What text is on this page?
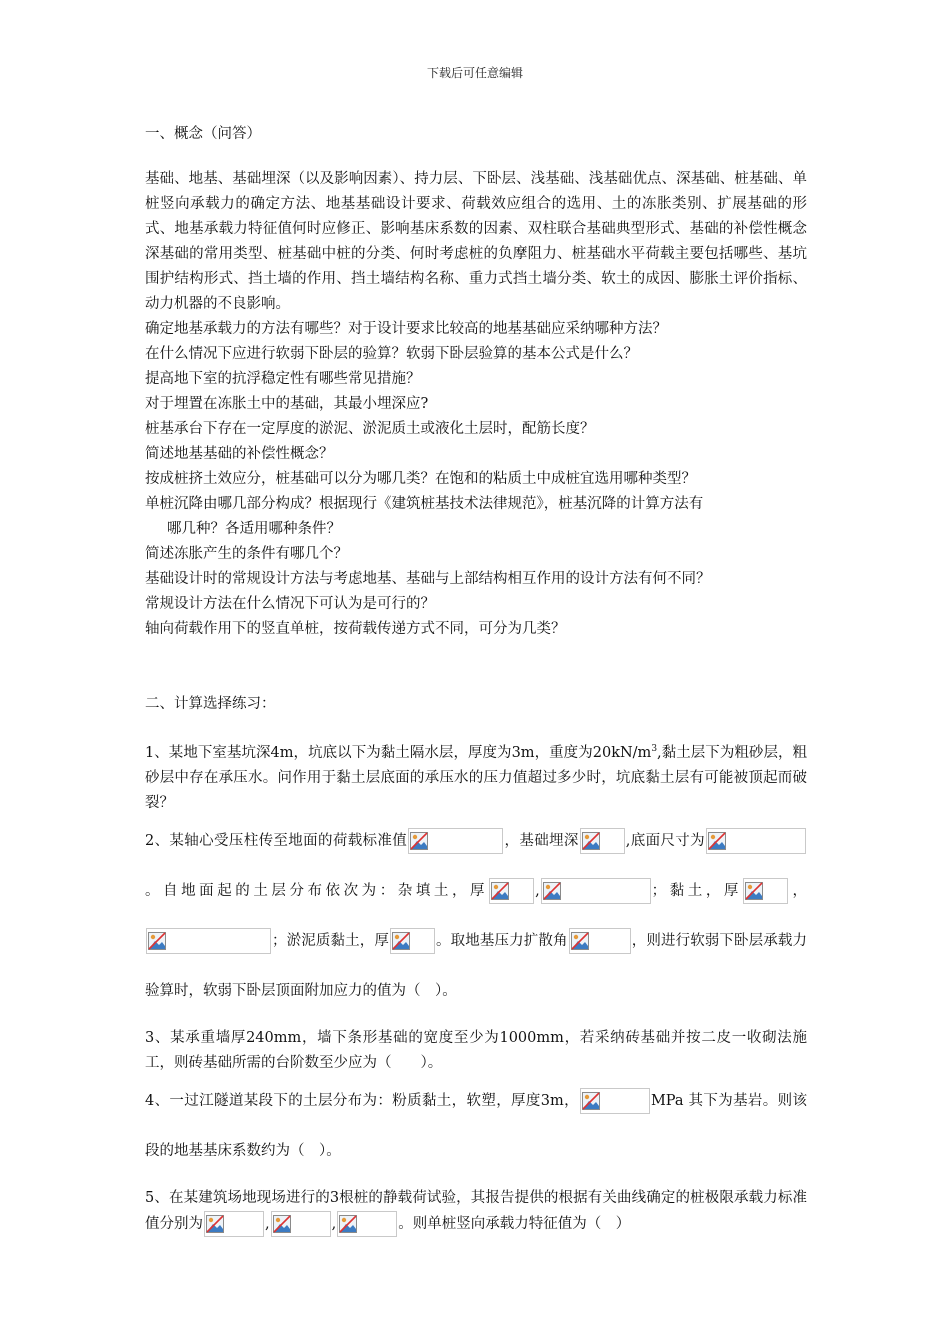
下载后可任意编辑

一、概念（问答）

基础、地基、基础埋深（以及影响因素）、持力层、下卧层、浅基础、浅基础优点、深基础、桩基础、单桩竖向承载力的确定方法、地基基础设计要求、荷载效应组合的选用、土的冻胀类别、扩展基础的形式、地基承载力特征值何时应修正、影响基床系数的因素、双柱联合基础典型形式、基础的补偿性概念深基础的常用类型、桩基础中桩的分类、何时考虑桩的负摩阻力、桩基础水平荷载主要包括哪些、基坑围护结构形式、挡土墙的作用、挡土墙结构名称、重力式挡土墙分类、软土的成因、膨胀土评价指标、动力机器的不良影响。

确定地基承载力的方法有哪些？对于设计要求比较高的地基基础应采纳哪种方法？

在什么情况下应进行软弱下卧层的验算？软弱下卧层验算的基本公式是什么？

提高地下室的抗浮稳定性有哪些常见措施？

对于埋置在冻胀土中的基础，其最小埋深应?

桩基承台下存在一定厚度的淤泥、淤泥质土或液化土层时，配筋长度？

简述地基基础的补偿性概念？

按成桩挤土效应分，桩基础可以分为哪几类？在饱和的粘质土中成桩宜选用哪种类型？

单桩沉降由哪几部分构成？根据现行《建筑桩基技术法律规范》，桩基沉降的计算方法有

哪几种？各适用哪种条件？

简述冻胀产生的条件有哪几个？

基础设计时的常规设计方法与考虑地基、基础与上部结构相互作用的设计方法有何不同？

常规设计方法在什么情况下可认为是可行的？

轴向荷载作用下的竖直单桩，按荷载传递方式不同，可分为几类？

二、计算选择练习：

1、某地下室基坑深4m，坑底以下为黏土隔水层，厚度为3m，重度为$20kN/m^3$,黏土层下为粗砂层，粗砂层中存在承压水。问作用于黏土层底面的承压水的压力值超过多少时，坑底黏土层有可能被顶起而破裂？

2、某轴心受压柱传至地面的荷载标准值	，基础埋深	,底面尺寸为
。自地面起的土层分布依次为：杂填土，厚	,	；黏土，厚	，
；淤泥质黏土，厚	。取地基压力扩散角	，则进行软弱下卧层承载力验算时，软弱下卧层顶面附加应力的值为（　）。

3、某承重墙厚240mm，墙下条形基础的宽度至少为1000mm，若采纳砖基础并按二皮一收砌法施工，则砖基础所需的台阶数至少应为（　　）。

4、一过江隧道某段下的土层分布为：粉质黏土，软塑，厚度3m，	MPa 其下为基岩。则该段的地基基床系数约为（　）。

5、在某建筑场地现场进行的3根桩的静载荷试验，其报告提供的根据有关曲线确定的桩极限承载力标准值分别为	,	,	。则单桩竖向承载力特征值为（　）
